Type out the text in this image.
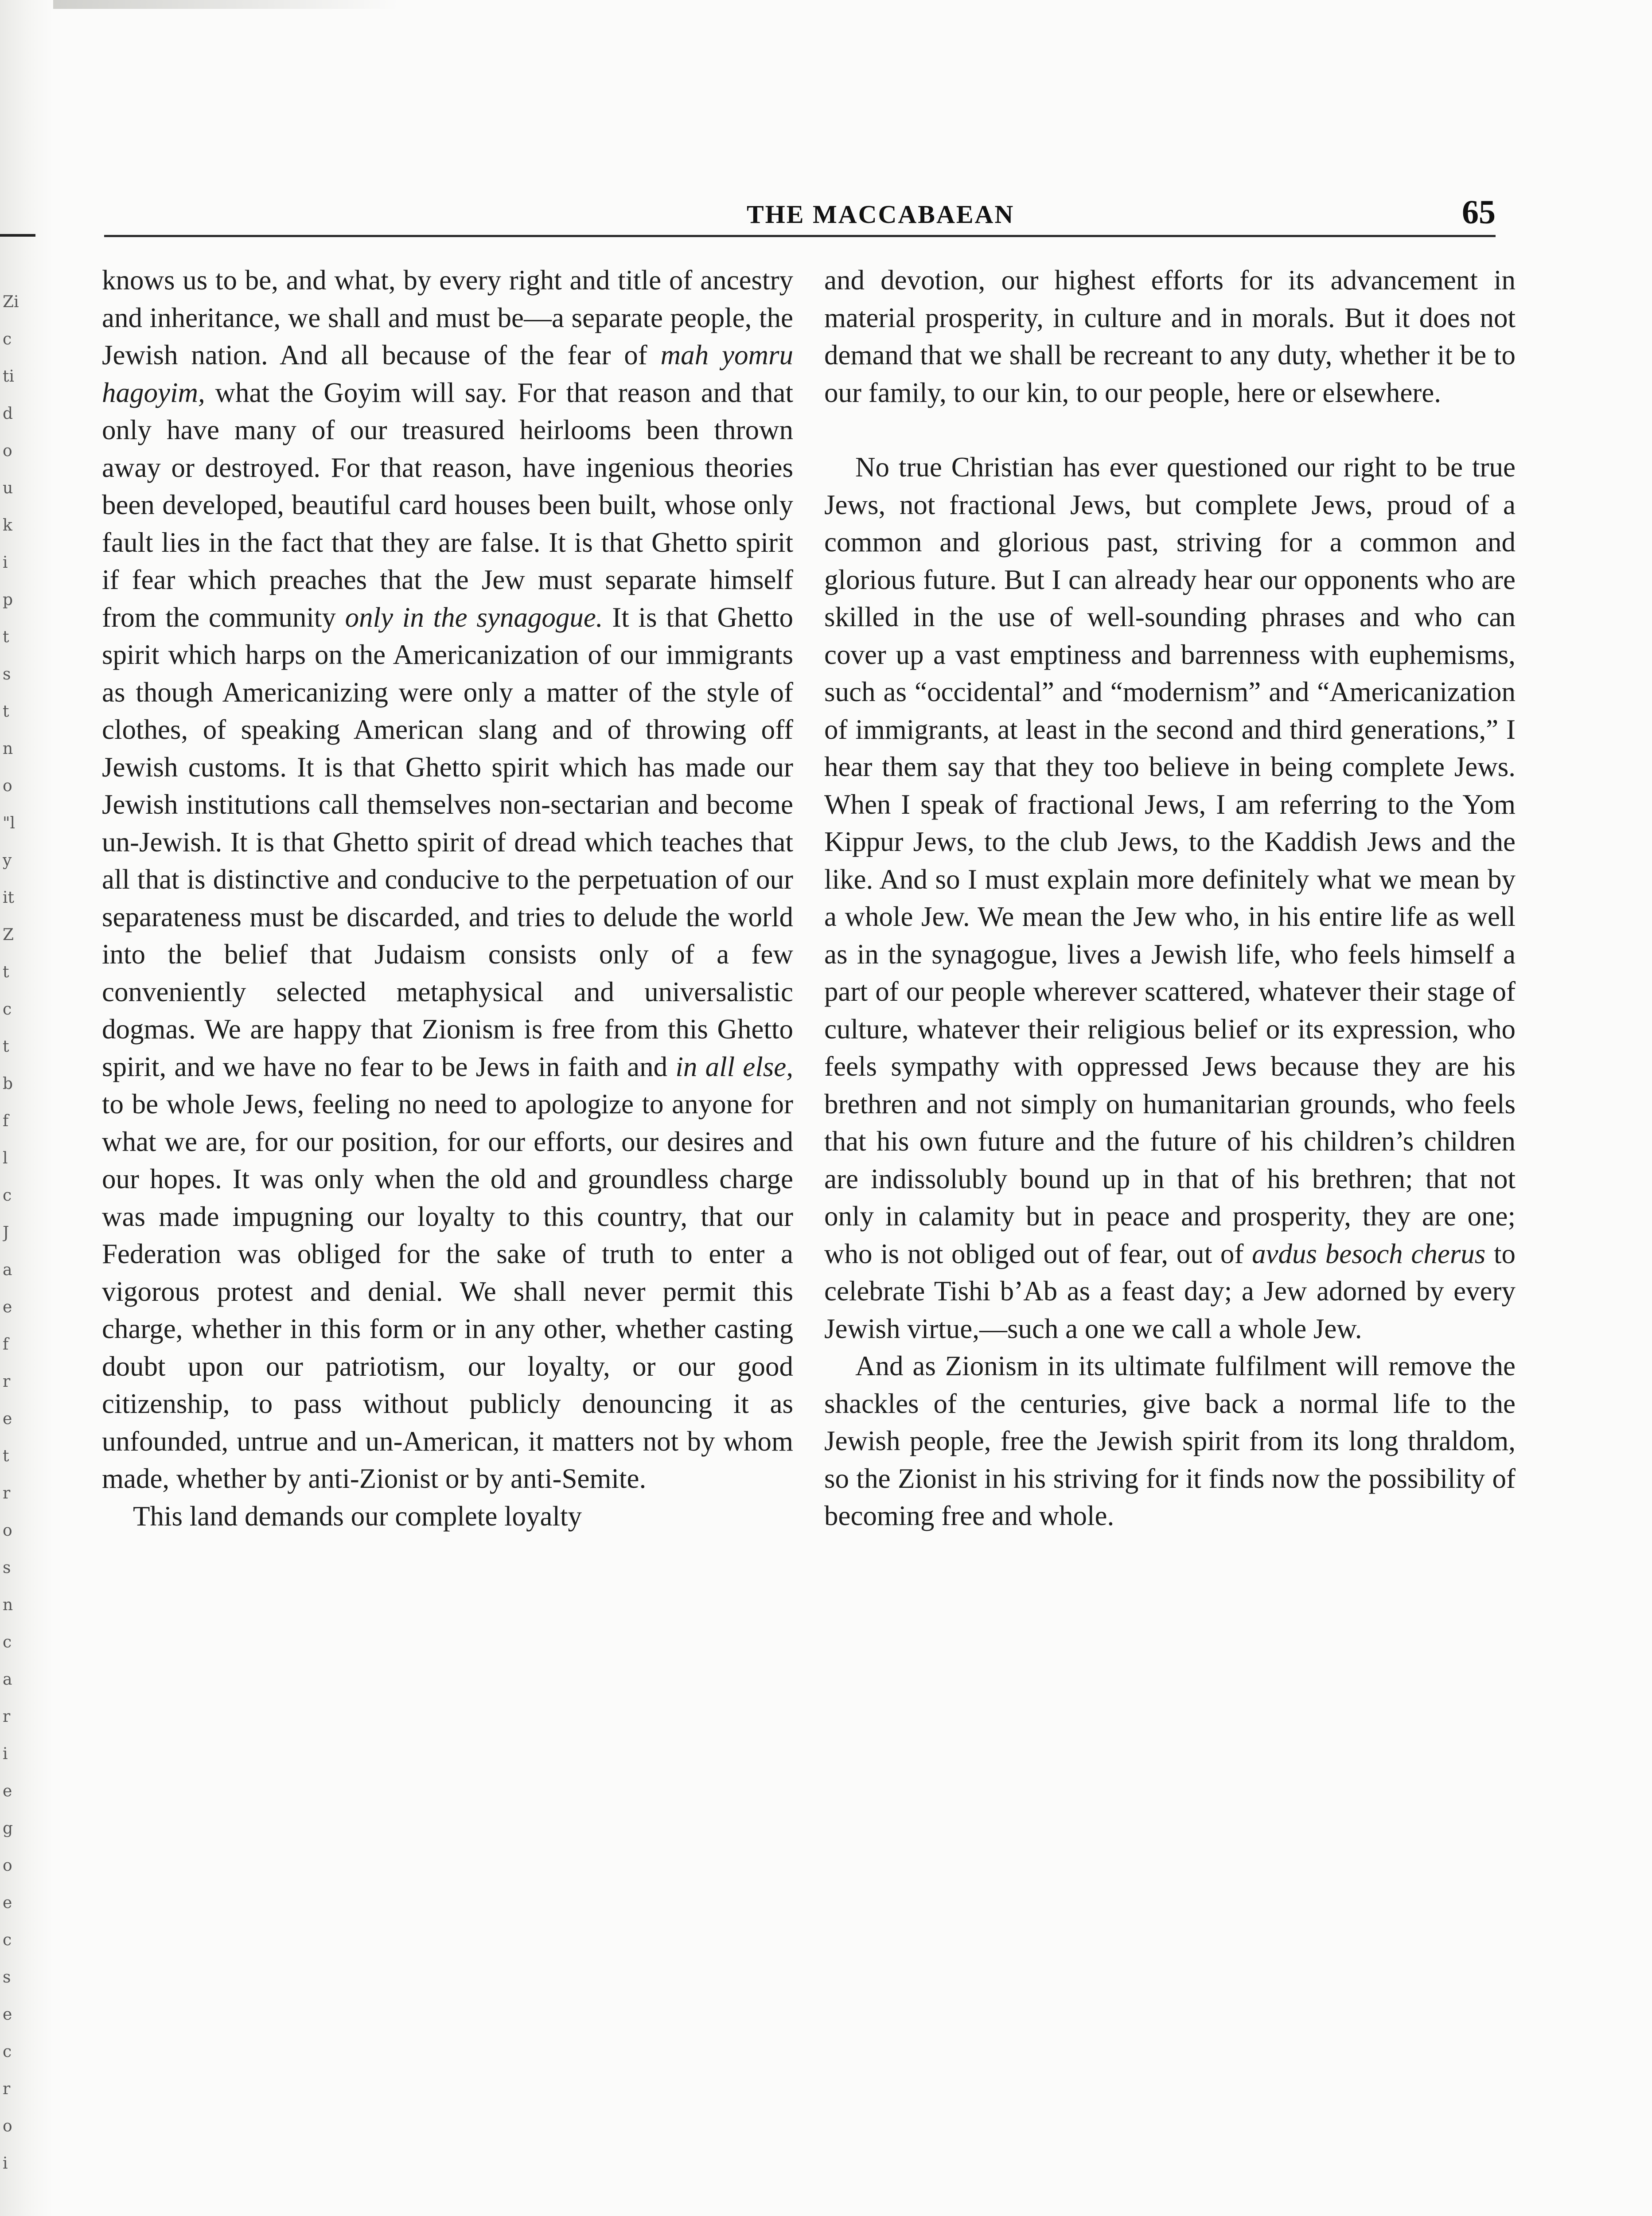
Zi
c
ti
d
o
u
k
i
p
t
s
t
n
o
"l
y
it
Z
t
c
t
b
f
l
c
J
a
e
f
r
e
t
r
o
s
n
c
a
r
i
e
g
o
e
c
s
e
c
r
o
i
THE MACCABAEAN	65

knows us to be, and what, by every right and title of ancestry and inheritance, we shall and must be—a separate people, the Jewish nation. And all because of the fear of mah yomru hagoyim, what the Goyim will say. For that reason and that only have many of our treasured heirlooms been thrown away or destroyed. For that reason, have ingenious theories been developed, beautiful card houses been built, whose only fault lies in the fact that they are false. It is that Ghetto spirit if fear which preaches that the Jew must separate himself from the community only in the synagogue. It is that Ghetto spirit which harps on the Americanization of our immigrants as though Americanizing were only a matter of the style of clothes, of speaking American slang and of throwing off Jewish customs. It is that Ghetto spirit which has made our Jewish institutions call themselves non-sectarian and become un-Jewish. It is that Ghetto spirit of dread which teaches that all that is distinctive and conducive to the perpetuation of our separateness must be discarded, and tries to delude the world into the belief that Judaism consists only of a few conveniently selected metaphysical and universalistic dogmas. We are happy that Zionism is free from this Ghetto spirit, and we have no fear to be Jews in faith and in all else, to be whole Jews, feeling no need to apologize to anyone for what we are, for our position, for our efforts, our desires and our hopes. It was only when the old and groundless charge was made impugning our loyalty to this country, that our Federation was obliged for the sake of truth to enter a vigorous protest and denial. We shall never permit this charge, whether in this form or in any other, whether casting doubt upon our patriotism, our loyalty, or our good citizenship, to pass without publicly denouncing it as unfounded, untrue and un-American, it matters not by whom made, whether by anti-Zionist or by anti-Semite.

This land demands our complete loyalty

and devotion, our highest efforts for its advancement in material prosperity, in culture and in morals. But it does not demand that we shall be recreant to any duty, whether it be to our family, to our kin, to our people, here or elsewhere.

No true Christian has ever questioned our right to be true Jews, not fractional Jews, but complete Jews, proud of a common and glorious past, striving for a common and glorious future. But I can already hear our opponents who are skilled in the use of well-sounding phrases and who can cover up a vast emptiness and barrenness with euphemisms, such as “occidental” and “modernism” and “Americanization of immigrants, at least in the second and third generations,” I hear them say that they too believe in being complete Jews. When I speak of fractional Jews, I am referring to the Yom Kippur Jews, to the club Jews, to the Kaddish Jews and the like. And so I must explain more definitely what we mean by a whole Jew. We mean the Jew who, in his entire life as well as in the synagogue, lives a Jewish life, who feels himself a part of our people wherever scattered, whatever their stage of culture, whatever their religious belief or its expression, who feels sympathy with oppressed Jews because they are his brethren and not simply on humanitarian grounds, who feels that his own future and the future of his children’s children are indissolubly bound up in that of his brethren; that not only in calamity but in peace and prosperity, they are one; who is not obliged out of fear, out of avdus besoch cherus to celebrate Tishi b’Ab as a feast day; a Jew adorned by every Jewish virtue,—such a one we call a whole Jew.

And as Zionism in its ultimate fulfilment will remove the shackles of the centuries, give back a normal life to the Jewish people, free the Jewish spirit from its long thraldom, so the Zionist in his striving for it finds now the possibility of becoming free and whole.
